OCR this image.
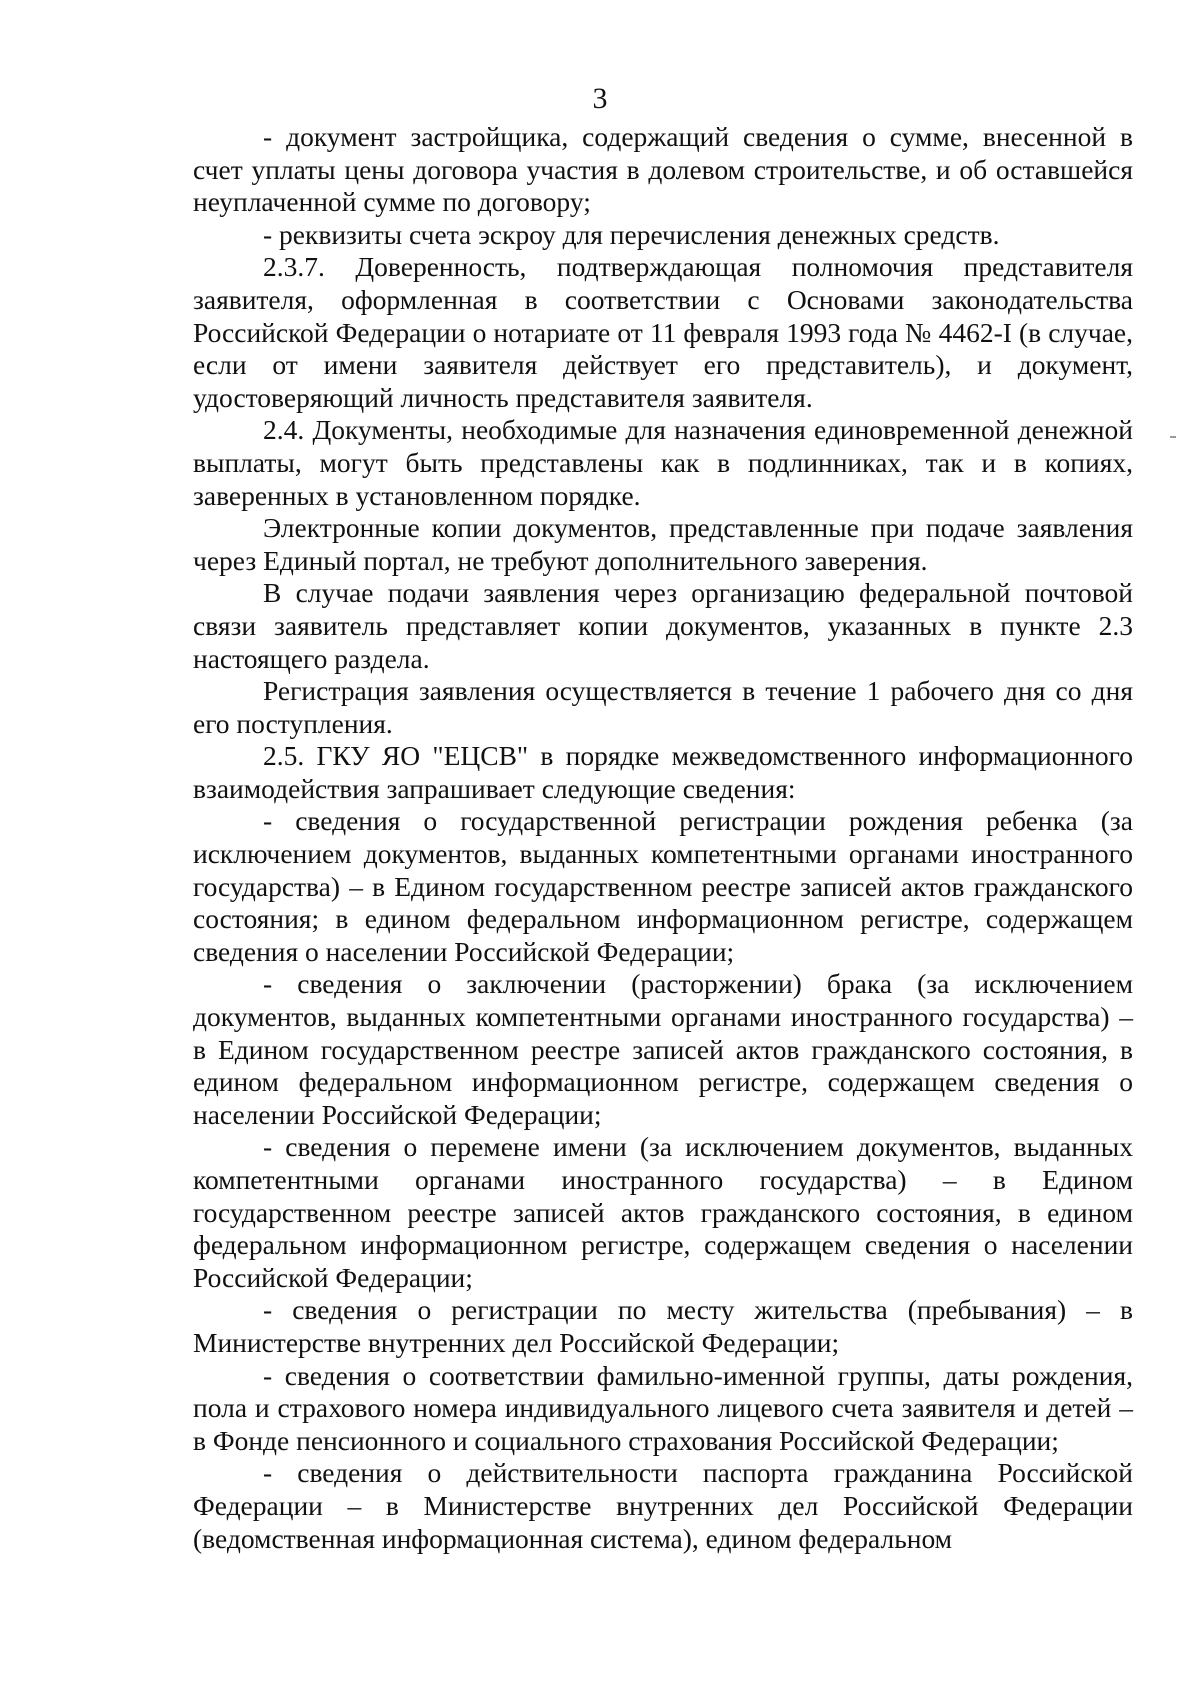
3

- документ застройщика, содержащий сведения о сумме, внесенной в счет уплаты цены договора участия в долевом строительстве, и об оставшейся неуплаченной сумме по договору;

- реквизиты счета эскроу для перечисления денежных средств.

2.3.7. Доверенность, подтверждающая полномочия представителя заявителя, оформленная в соответствии с Основами законодательства Российской Федерации о нотариате от 11 февраля 1993 года № 4462-I (в случае, если от имени заявителя действует его представитель), и документ, удостоверяющий личность представителя заявителя.

2.4. Документы, необходимые для назначения единовременной денежной выплаты, могут быть представлены как в подлинниках, так и в копиях, заверенных в установленном порядке.

Электронные копии документов, представленные при подаче заявления через Единый портал, не требуют дополнительного заверения.

В случае подачи заявления через организацию федеральной почтовой связи заявитель представляет копии документов, указанных в пункте 2.3 настоящего раздела.

Регистрация заявления осуществляется в течение 1 рабочего дня со дня его поступления.

2.5. ГКУ ЯО "ЕЦСВ" в порядке межведомственного информационного взаимодействия запрашивает следующие сведения:

- сведения о государственной регистрации рождения ребенка (за исключением документов, выданных компетентными органами иностранного государства) – в Едином государственном реестре записей актов гражданского состояния; в едином федеральном информационном регистре, содержащем сведения о населении Российской Федерации;

- сведения о заключении (расторжении) брака (за исключением документов, выданных компетентными органами иностранного государства) – в Едином государственном реестре записей актов гражданского состояния, в едином федеральном информационном регистре, содержащем сведения о населении Российской Федерации;

- сведения о перемене имени (за исключением документов, выданных компетентными органами иностранного государства) – в Едином государственном реестре записей актов гражданского состояния, в едином федеральном информационном регистре, содержащем сведения о населении Российской Федерации;

- сведения о регистрации по месту жительства (пребывания) – в Министерстве внутренних дел Российской Федерации;

- сведения о соответствии фамильно-именной группы, даты рождения, пола и страхового номера индивидуального лицевого счета заявителя и детей – в Фонде пенсионного и социального страхования Российской Федерации;

- сведения о действительности паспорта гражданина Российской Федерации – в Министерстве внутренних дел Российской Федерации (ведомственная информационная система), едином федеральном
